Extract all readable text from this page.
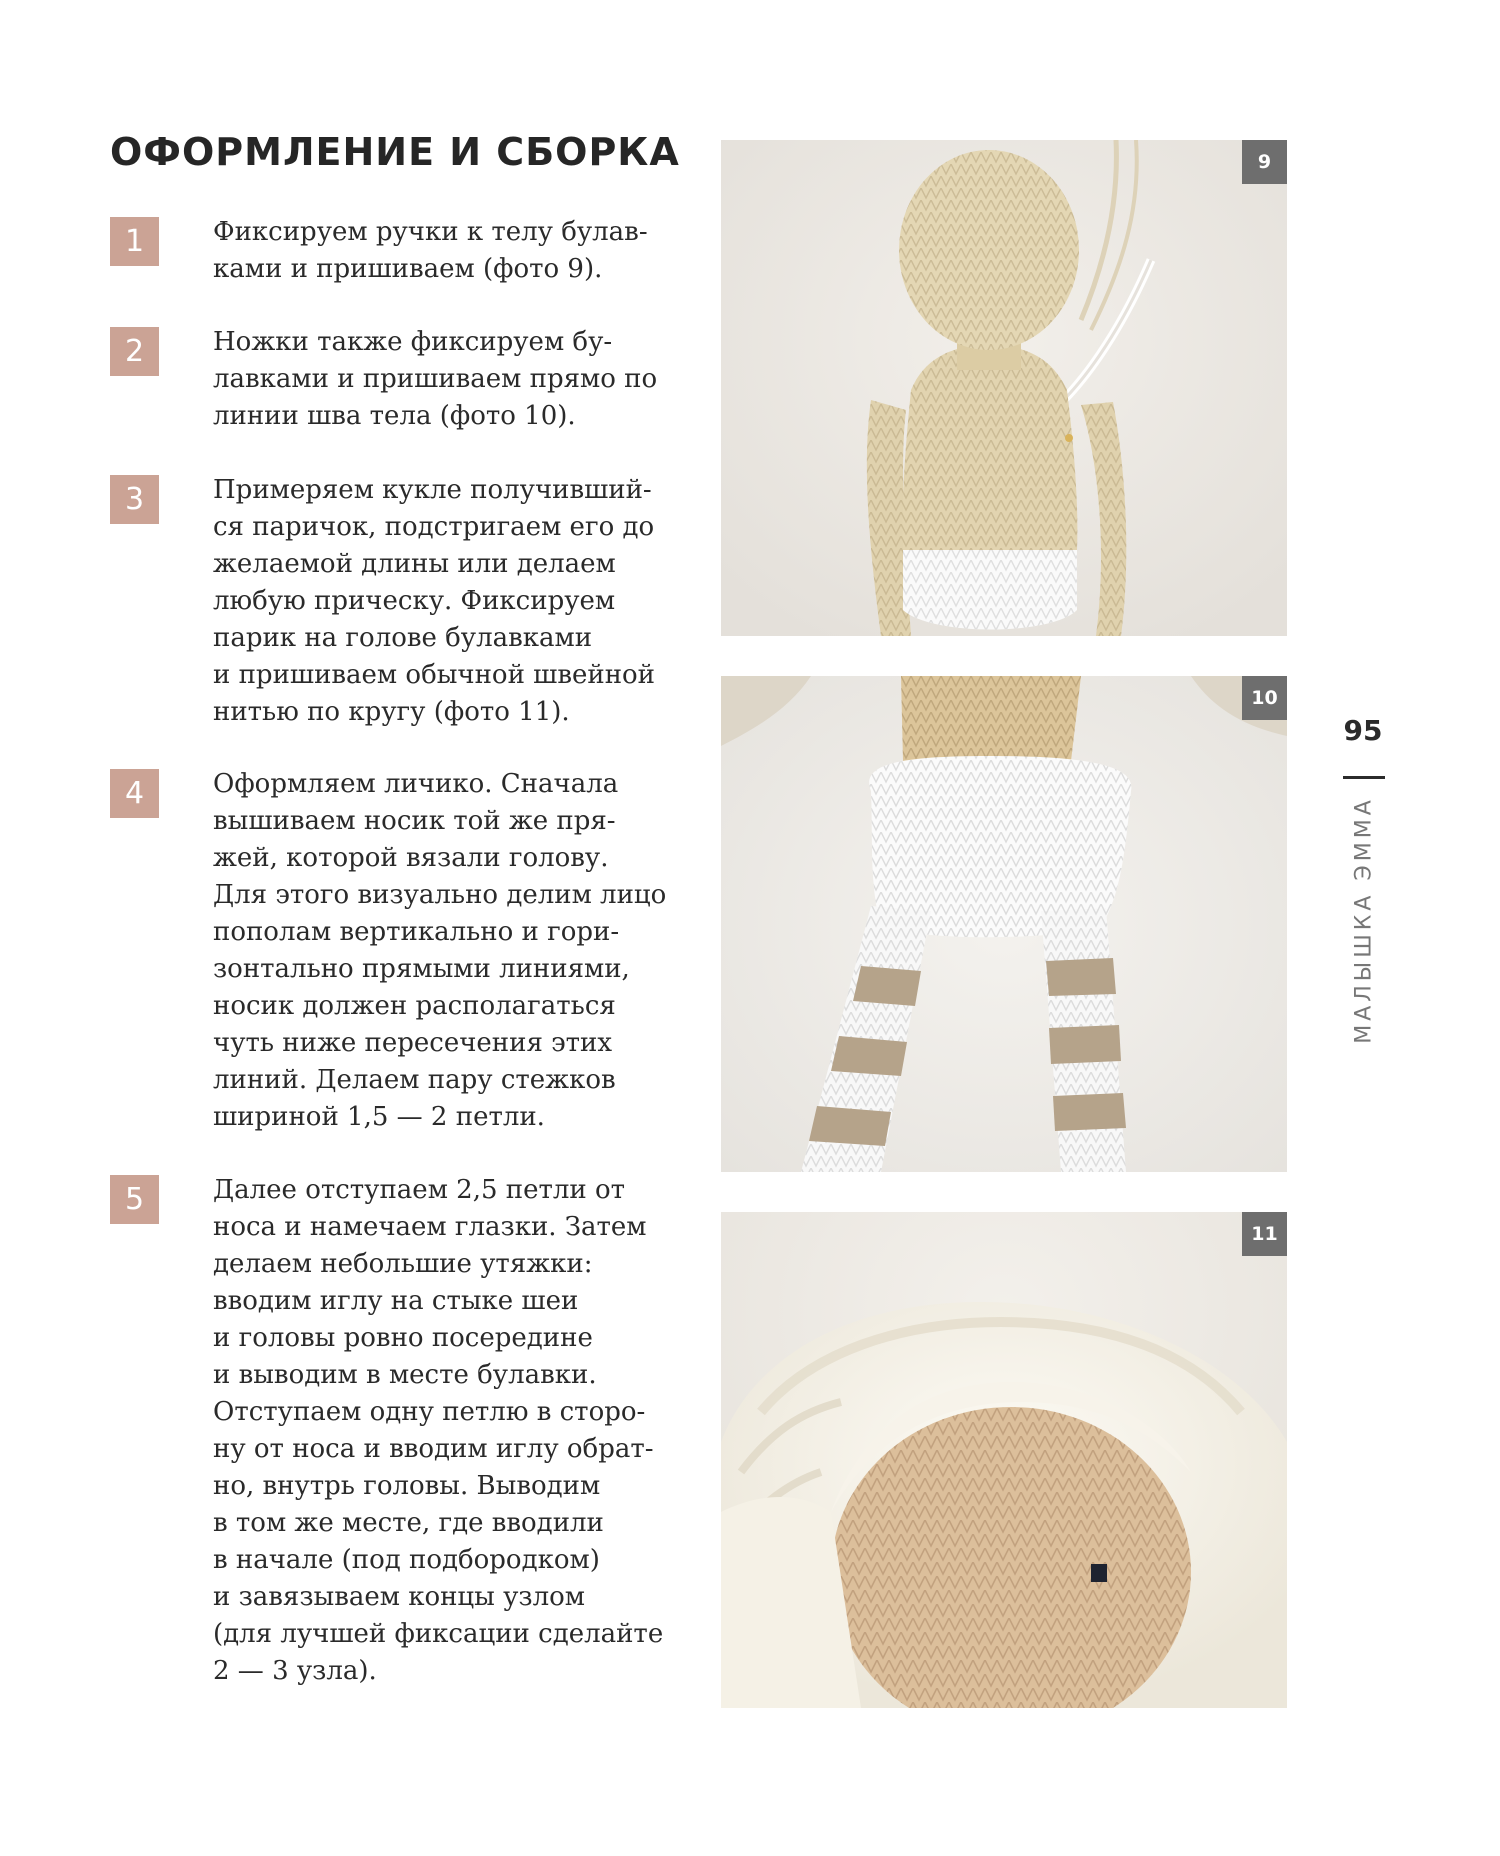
ОФОРМЛЕНИЕ И СБОРКА
1	Фиксируем ручки к телу булав-
ками и пришиваем (фото 9).

2	Ножки также фиксируем бу-
лавками и пришиваем прямо по
линии шва тела (фото 10).

3	Примеряем кукле получивший-
ся паричок, подстригаем его до
желаемой длины или делаем
любую прическу. Фиксируем
парик на голове булавками
и пришиваем обычной швейной
нитью по кругу (фото 11).

4	Оформляем личико. Сначала
вышиваем носик той же пря-
жей, которой вязали голову.
Для этого визуально делим лицо
пополам вертикально и гори-
зонтально прямыми линиями,
носик должен располагаться
чуть ниже пересечения этих
линий. Делаем пару стежков
шириной 1,5 — 2 петли.

5	Далее отступаем 2,5 петли от
носа и намечаем глазки. Затем
делаем небольшие утяжки:
вводим иглу на стыке шеи
и головы ровно посередине
и выводим в месте булавки.
Отступаем одну петлю в сторо-
ну от носа и вводим иглу обрат-
но, внутрь головы. Выводим
в том же месте, где вводили
в начале (под подбородком)
и завязываем концы узлом
(для лучшей фиксации сделайте
2 — 3 узла).

9
10
11
95
МАЛЫШКА ЭММА
